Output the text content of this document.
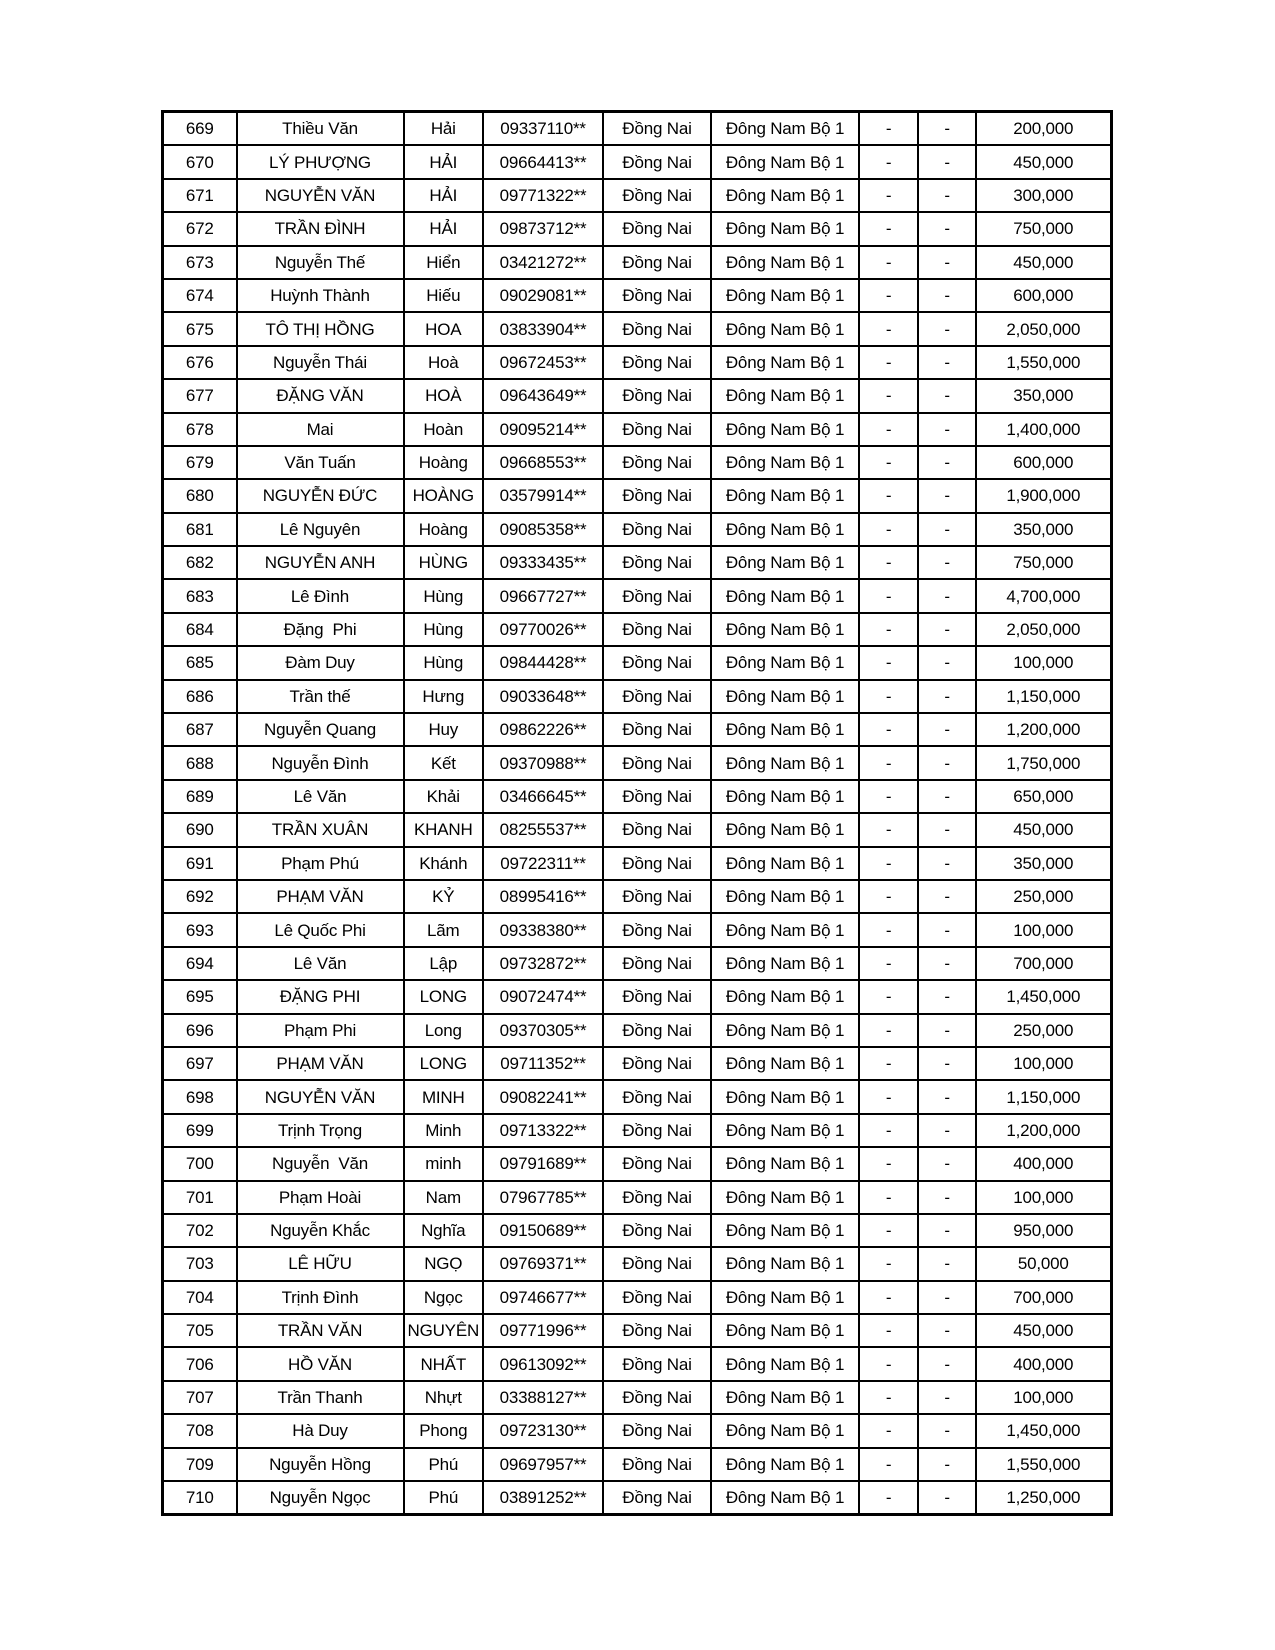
669	Thiều Văn	Hải	09337110**	Đồng Nai	Đông Nam Bộ 1	-	-	200,000
670	LÝ PHƯỢNG	HẢI	09664413**	Đồng Nai	Đông Nam Bộ 1	-	-	450,000
671	NGUYỄN VĂN	HẢI	09771322**	Đồng Nai	Đông Nam Bộ 1	-	-	300,000
672	TRẦN ĐÌNH	HẢI	09873712**	Đồng Nai	Đông Nam Bộ 1	-	-	750,000
673	Nguyễn Thế	Hiển	03421272**	Đồng Nai	Đông Nam Bộ 1	-	-	450,000
674	Huỳnh Thành	Hiếu	09029081**	Đồng Nai	Đông Nam Bộ 1	-	-	600,000
675	TÔ THỊ HỒNG	HOA	03833904**	Đồng Nai	Đông Nam Bộ 1	-	-	2,050,000
676	Nguyễn Thái	Hoà	09672453**	Đồng Nai	Đông Nam Bộ 1	-	-	1,550,000
677	ĐẶNG VĂN	HOÀ	09643649**	Đồng Nai	Đông Nam Bộ 1	-	-	350,000
678	Mai	Hoàn	09095214**	Đồng Nai	Đông Nam Bộ 1	-	-	1,400,000
679	Văn Tuấn	Hoàng	09668553**	Đồng Nai	Đông Nam Bộ 1	-	-	600,000
680	NGUYỄN ĐỨC	HOÀNG	03579914**	Đồng Nai	Đông Nam Bộ 1	-	-	1,900,000
681	Lê Nguyên	Hoàng	09085358**	Đồng Nai	Đông Nam Bộ 1	-	-	350,000
682	NGUYỄN ANH	HÙNG	09333435**	Đồng Nai	Đông Nam Bộ 1	-	-	750,000
683	Lê Đình	Hùng	09667727**	Đồng Nai	Đông Nam Bộ 1	-	-	4,700,000
684	Đặng  Phi	Hùng	09770026**	Đồng Nai	Đông Nam Bộ 1	-	-	2,050,000
685	Đàm Duy	Hùng	09844428**	Đồng Nai	Đông Nam Bộ 1	-	-	100,000
686	Trần thế	Hưng	09033648**	Đồng Nai	Đông Nam Bộ 1	-	-	1,150,000
687	Nguyễn Quang	Huy	09862226**	Đồng Nai	Đông Nam Bộ 1	-	-	1,200,000
688	Nguyễn Đình	Kết	09370988**	Đồng Nai	Đông Nam Bộ 1	-	-	1,750,000
689	Lê Văn	Khải	03466645**	Đồng Nai	Đông Nam Bộ 1	-	-	650,000
690	TRẦN XUÂN	KHANH	08255537**	Đồng Nai	Đông Nam Bộ 1	-	-	450,000
691	Phạm Phú	Khánh	09722311**	Đồng Nai	Đông Nam Bộ 1	-	-	350,000
692	PHẠM VĂN	KỶ	08995416**	Đồng Nai	Đông Nam Bộ 1	-	-	250,000
693	Lê Quốc Phi	Lãm	09338380**	Đồng Nai	Đông Nam Bộ 1	-	-	100,000
694	Lê Văn	Lập	09732872**	Đồng Nai	Đông Nam Bộ 1	-	-	700,000
695	ĐẶNG PHI	LONG	09072474**	Đồng Nai	Đông Nam Bộ 1	-	-	1,450,000
696	Phạm Phi	Long	09370305**	Đồng Nai	Đông Nam Bộ 1	-	-	250,000
697	PHẠM VĂN	LONG	09711352**	Đồng Nai	Đông Nam Bộ 1	-	-	100,000
698	NGUYỄN VĂN	MINH	09082241**	Đồng Nai	Đông Nam Bộ 1	-	-	1,150,000
699	Trịnh Trọng	Minh	09713322**	Đồng Nai	Đông Nam Bộ 1	-	-	1,200,000
700	Nguyễn  Văn	minh	09791689**	Đồng Nai	Đông Nam Bộ 1	-	-	400,000
701	Phạm Hoài	Nam	07967785**	Đồng Nai	Đông Nam Bộ 1	-	-	100,000
702	Nguyễn Khắc	Nghĩa	09150689**	Đồng Nai	Đông Nam Bộ 1	-	-	950,000
703	LÊ HỮU	NGỌ	09769371**	Đồng Nai	Đông Nam Bộ 1	-	-	50,000
704	Trịnh Đình	Ngọc	09746677**	Đồng Nai	Đông Nam Bộ 1	-	-	700,000
705	TRẦN VĂN	NGUYÊN	09771996**	Đồng Nai	Đông Nam Bộ 1	-	-	450,000
706	HỒ VĂN	NHẤT	09613092**	Đồng Nai	Đông Nam Bộ 1	-	-	400,000
707	Trần Thanh	Nhựt	03388127**	Đồng Nai	Đông Nam Bộ 1	-	-	100,000
708	Hà Duy	Phong	09723130**	Đồng Nai	Đông Nam Bộ 1	-	-	1,450,000
709	Nguyễn Hồng	Phú	09697957**	Đồng Nai	Đông Nam Bộ 1	-	-	1,550,000
710	Nguyễn Ngọc	Phú	03891252**	Đồng Nai	Đông Nam Bộ 1	-	-	1,250,000
